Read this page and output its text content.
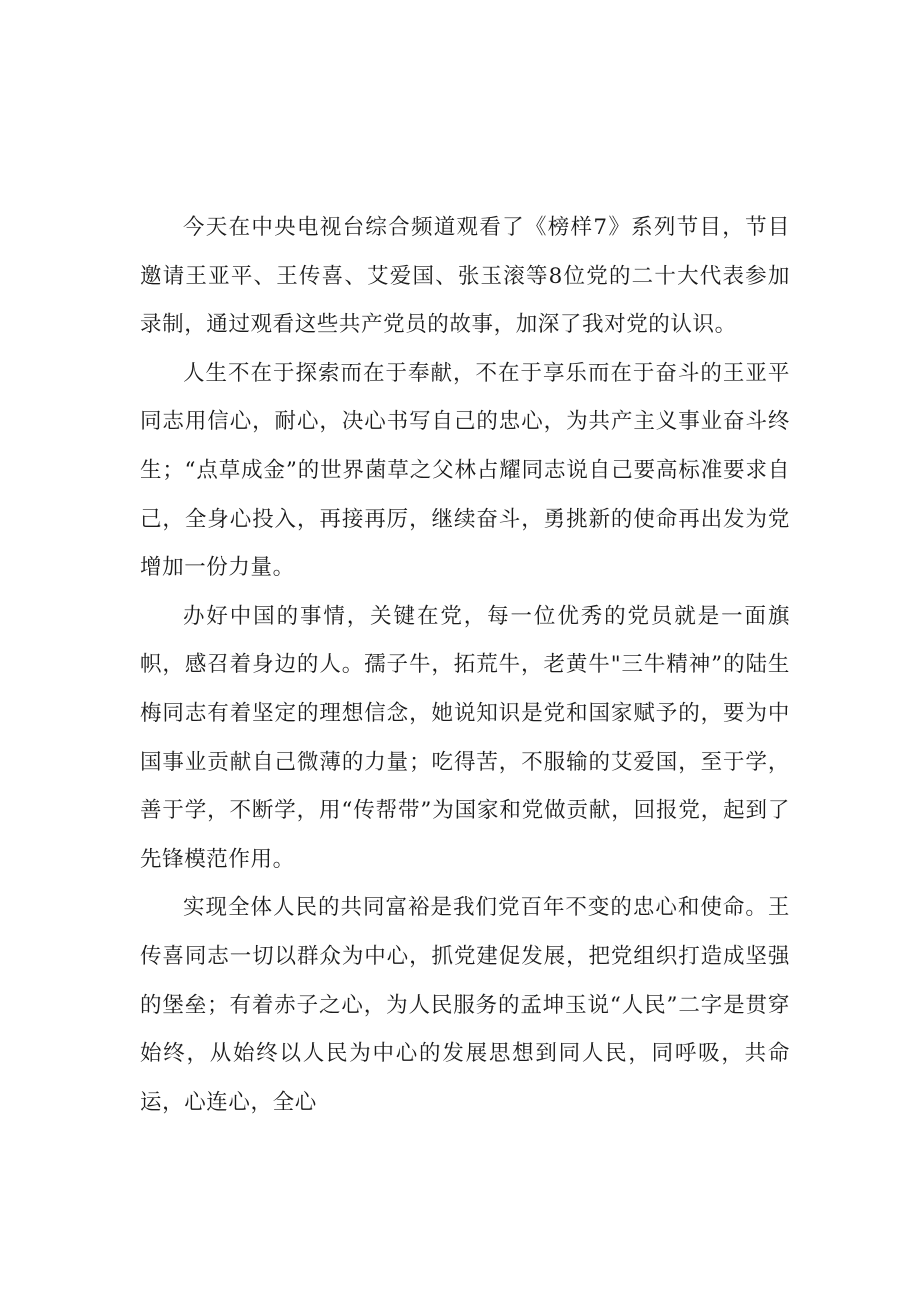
今天在中央电视台综合频道观看了《榜样7》系列节目，节目邀请王亚平、王传喜、艾爱国、张玉滚等8位党的二十大代表参加录制，通过观看这些共产党员的故事，加深了我对党的认识。

人生不在于探索而在于奉献，不在于享乐而在于奋斗的王亚平同志用信心，耐心，决心书写自己的忠心，为共产主义事业奋斗终生；“点草成金”的世界菌草之父林占耀同志说自己要高标准要求自己，全身心投入，再接再厉，继续奋斗，勇挑新的使命再出发为党增加一份力量。

办好中国的事情，关键在党，每一位优秀的党员就是一面旗帜，感召着身边的人。孺子牛，拓荒牛，老黄牛"三牛精神”的陆生梅同志有着坚定的理想信念，她说知识是党和国家赋予的，要为中国事业贡献自己微薄的力量；吃得苦，不服输的艾爱国，至于学，善于学，不断学，用“传帮带”为国家和党做贡献，回报党，起到了先锋模范作用。

实现全体人民的共同富裕是我们党百年不变的忠心和使命。王传喜同志一切以群众为中心，抓党建促发展，把党组织打造成坚强的堡垒；有着赤子之心，为人民服务的孟坤玉说“人民”二字是贯穿始终，从始终以人民为中心的发展思想到同人民，同呼吸，共命运，心连心，全心
